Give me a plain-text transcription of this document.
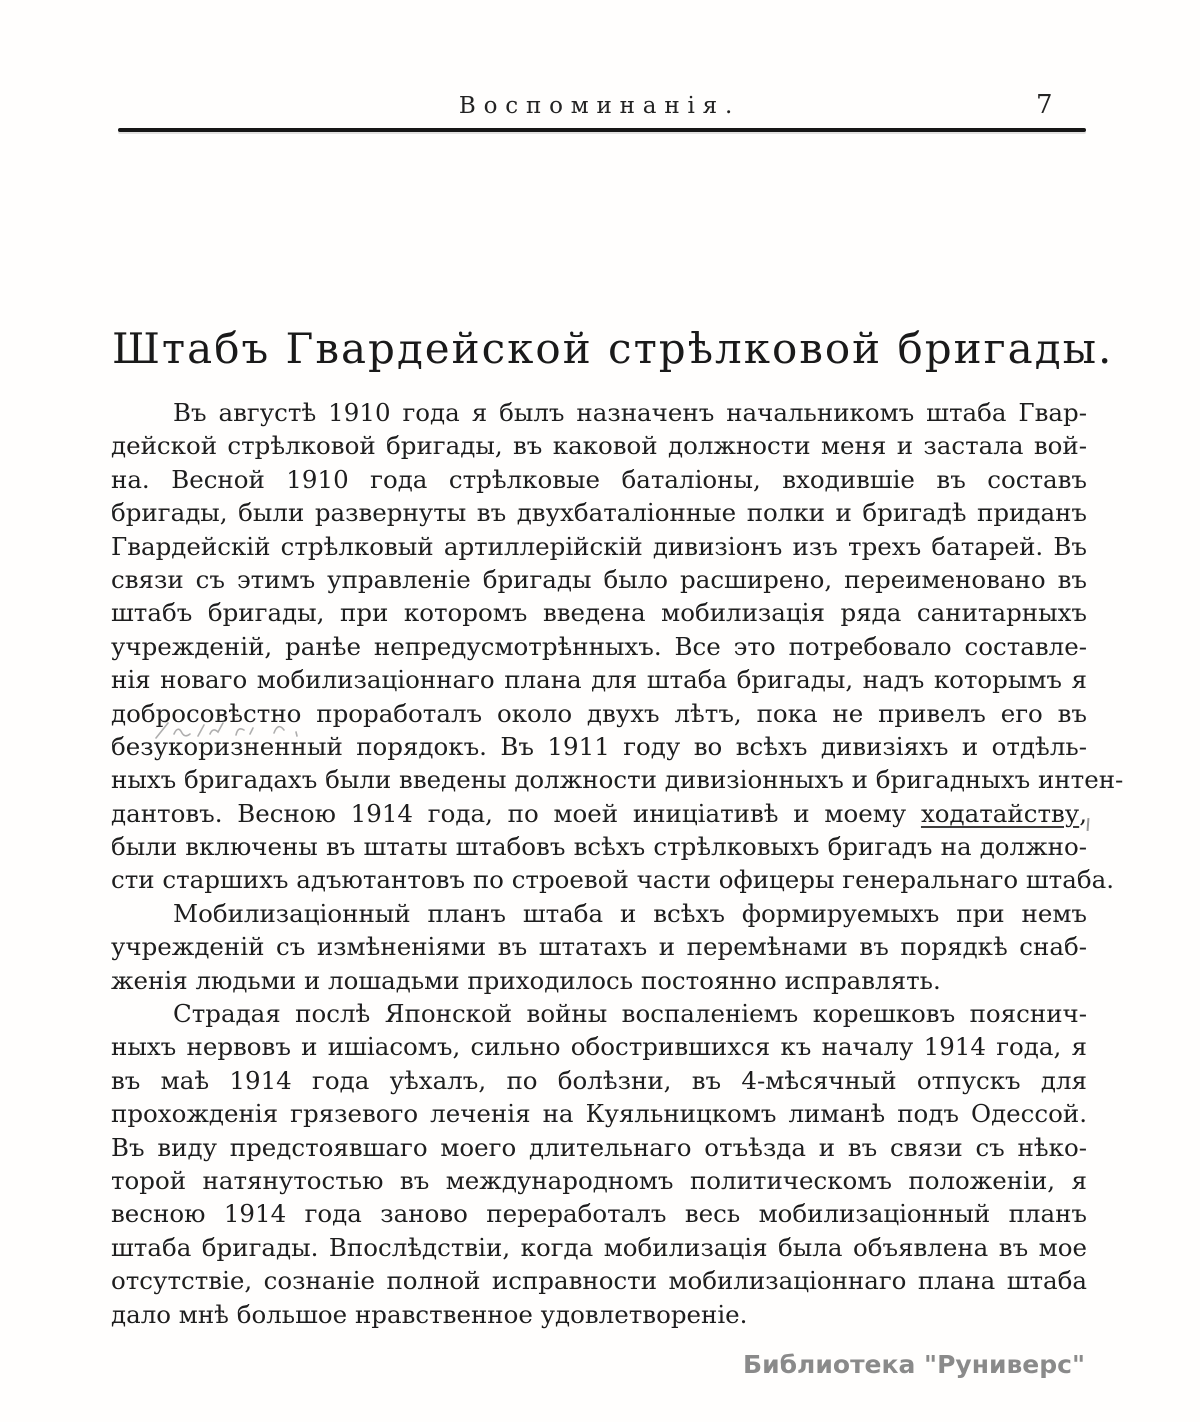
Воспоминанія.	7
Штабъ Гвардейской стрѣлковой бригады.
Въ августѣ 1910 года я былъ назначенъ начальникомъ штаба Гвар-
дейской стрѣлковой бригады, въ каковой должности меня и застала вой-
на. Весной 1910 года стрѣлковые баталіоны, входившіе въ составъ
бригады, были развернуты въ двухбаталіонные полки и бригадѣ приданъ
Гвардейскій стрѣлковый артиллерійскій дивизіонъ изъ трехъ батарей. Въ
связи съ этимъ управленіе бригады было расширено, переименовано въ
штабъ бригады, при которомъ введена мобилизація ряда санитарныхъ
учрежденій, ранѣе непредусмотрѣнныхъ. Все это потребовало составле-
нія новаго мобилизаціоннаго плана для штаба бригады, надъ которымъ я
добросовѣстно проработалъ около двухъ лѣтъ, пока не привелъ его въ
безукоризненный порядокъ. Въ 1911 году во всѣхъ дивизіяхъ и отдѣль-
ныхъ бригадахъ были введены должности дивизіонныхъ и бригадныхъ интен-
дантовъ. Весною 1914 года, по моей иниціативѣ и моему ходатайству,
были включены въ штаты штабовъ всѣхъ стрѣлковыхъ бригадъ на должно-
сти старшихъ адъютантовъ по строевой части офицеры генеральнаго штаба.
Мобилизаціонный планъ штаба и всѣхъ формируемыхъ при немъ
учрежденій съ измѣненіями въ штатахъ и перемѣнами въ порядкѣ снаб-
женія людьми и лошадьми приходилось постоянно исправлять.
Страдая послѣ Японской войны воспаленіемъ корешковъ пояснич-
ныхъ нервовъ и ишіасомъ, сильно обострившихся къ началу 1914 года, я
въ маѣ 1914 года уѣхалъ, по болѣзни, въ 4-мѣсячный отпускъ для
прохожденія грязевого леченія на Куяльницкомъ лиманѣ подъ Одессой.
Въ виду предстоявшаго моего длительнаго отъѣзда и въ связи съ нѣко-
торой натянутостью въ международномъ политическомъ положеніи, я
весною 1914 года заново переработалъ весь мобилизаціонный планъ
штаба бригады. Впослѣдствіи, когда мобилизація была объявлена въ мое
отсутствіе, сознаніе полной исправности мобилизаціоннаго плана штаба
дало мнѣ большое нравственное удовлетвореніе.
Библиотека "Руниверс"
